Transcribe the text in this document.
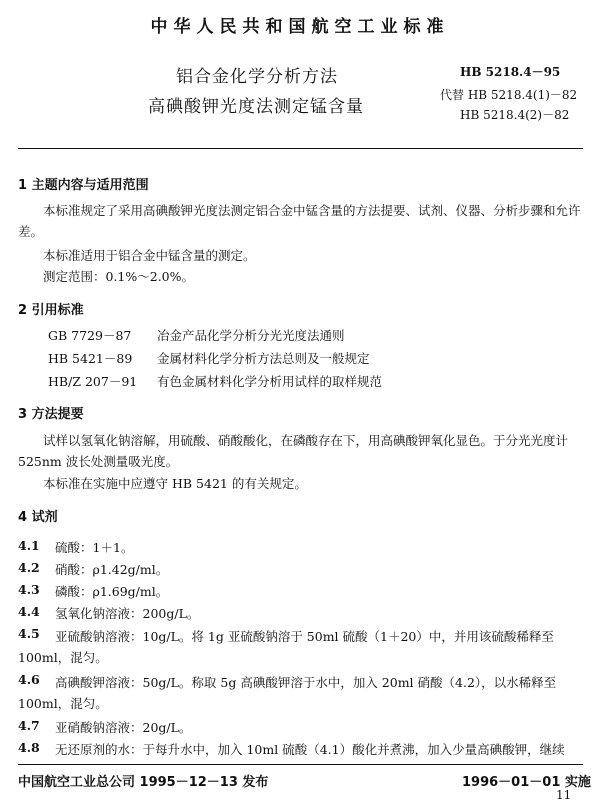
中华人民共和国航空工业标准
铝合金化学分析方法
高碘酸钾光度法测定锰含量
HB 5218.4－95
代替 HB 5218.4(1)－82
HB 5218.4(2)－82
1 主题内容与适用范围
本标准规定了采用高碘酸钾光度法测定铝合金中锰含量的方法提要、试剂、仪器、分析步骤和允许差。
本标准适用于铝合金中锰含量的测定。
测定范围：0.1%～2.0%。
2 引用标准
GB 7729－87 冶金产品化学分析分光光度法通则
HB 5421－89 金属材料化学分析方法总则及一般规定
HB/Z 207－91 有色金属材料化学分析用试样的取样规范
3 方法提要
试样以氢氧化钠溶解，用硫酸、硝酸酸化，在磷酸存在下，用高碘酸钾氧化显色。于分光光度计 525nm 波长处测量吸光度。
本标准在实施中应遵守 HB 5421 的有关规定。
4 试剂
4.1 硫酸：1＋1。
4.2 硝酸：ρ1.42g/ml。
4.3 磷酸：ρ1.69g/ml。
4.4 氢氧化钠溶液：200g/L。
4.5	亚硫酸钠溶液：10g/L。将 1g 亚硫酸钠溶于 50ml 硫酸（1＋20）中，并用该硫酸稀释至 100ml，混匀。
4.6	高碘酸钾溶液：50g/L。称取 5g 高碘酸钾溶于水中，加入 20ml 硝酸（4.2），以水稀释至 100ml，混匀。
4.7 亚硝酸钠溶液：20g/L。
4.8 无还原剂的水：于每升水中，加入 10ml 硫酸（4.1）酸化并煮沸，加入少量高碘酸钾，继续
中国航空工业总公司 1995－12－13 发布	1996－01－01 实施
11
